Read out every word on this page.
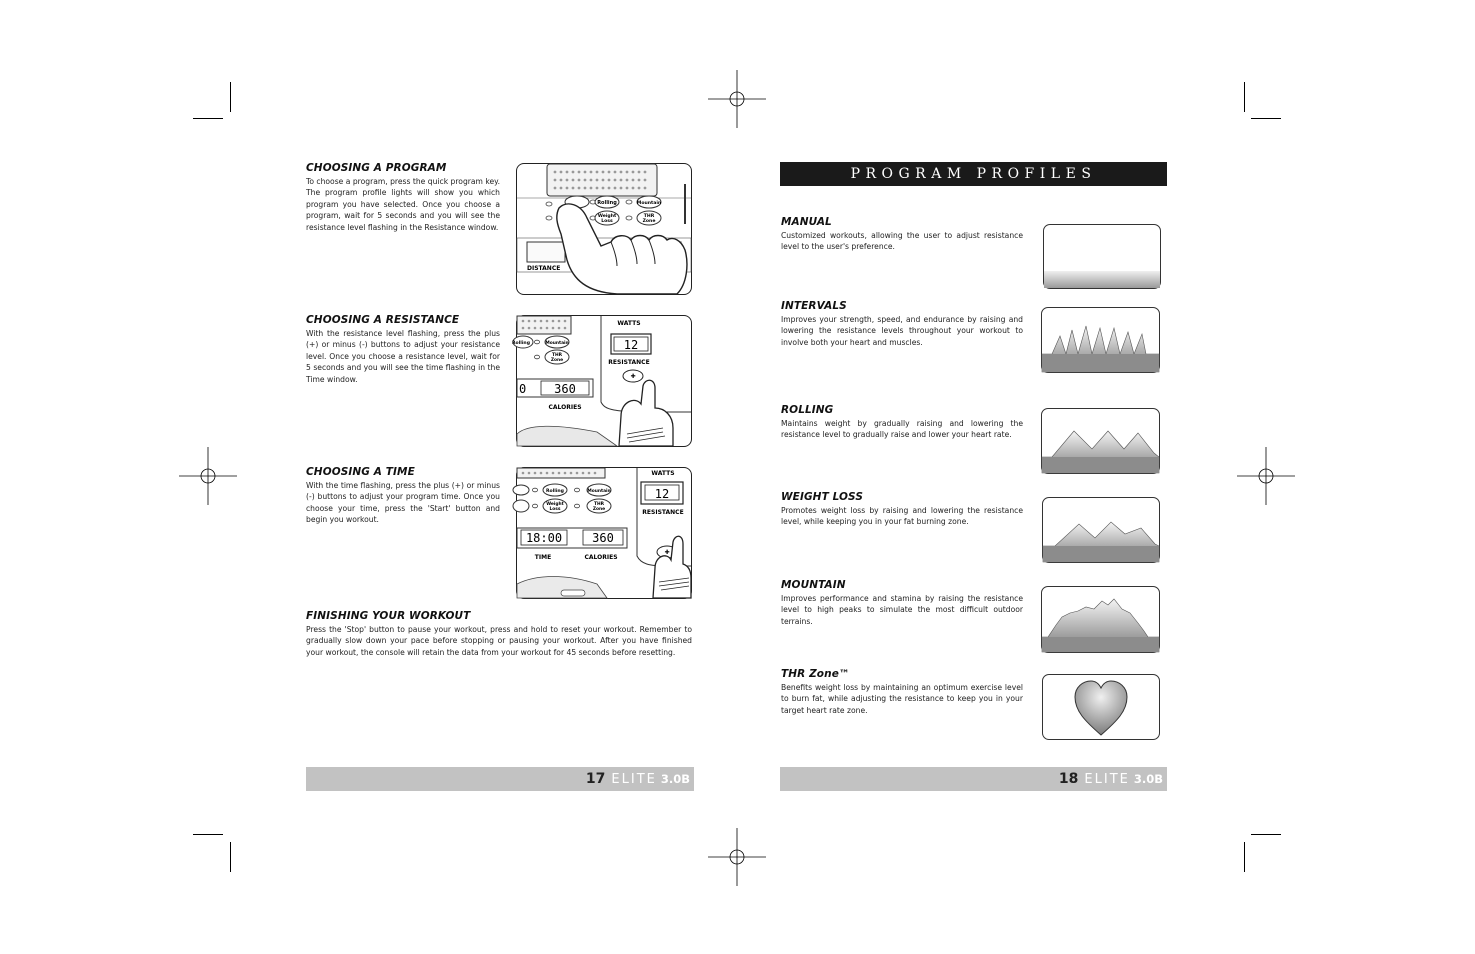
CHOOSING A PROGRAM

To choose a program, press the quick program key. The program profile lights will show you which program you have selected. Once you choose a program, wait for 5 seconds and you will see the resistance level flashing in the Resistance window.

Rolling	Mountain
Weight
Loss
THR
Zone
DISTANCE
CHOOSING A RESISTANCE

With the resistance level flashing, press the plus (+) or minus (-) buttons to adjust your resistance level. Once you choose a resistance level, wait for 5 seconds and you will see the time flashing in the Time window.

Rolling	Mountain
THR
Zone
WATTS
12
RESISTANCE
✚
0 360
CALORIES
CHOOSING A TIME

With the time flashing, press the plus (+) or minus (-) buttons to adjust your program time. Once you choose your time, press the 'Start' button and begin you workout.

Rolling	Mountain
Weight
Loss
THR
Zone
WATTS
12
RESISTANCE
✚
18:00	360
TIME	CALORIES
FINISHING YOUR WORKOUT

Press the 'Stop' button to pause your workout, press and hold to reset your workout. Remember to gradually slow down your pace before stopping or pausing your workout. After you have finished your workout, the console will retain the data from your workout for 45 seconds before resetting.

17 ELITE 3.0B
PROGRAM PROFILES
MANUAL

Customized workouts, allowing the user to adjust resistance level to the user's preference.

INTERVALS

Improves your strength, speed, and endurance by raising and lowering the resistance levels throughout your workout to involve both your heart and muscles.

ROLLING

Maintains weight by gradually raising and lowering the resistance level to gradually raise and lower your heart rate.

WEIGHT LOSS

Promotes weight loss by raising and lowering the resistance level, while keeping you in your fat burning zone.

MOUNTAIN

Improves performance and stamina by raising the resistance level to high peaks to simulate the most difficult outdoor terrains.

THR Zone™

Benefits weight loss by maintaining an optimum exercise level to burn fat, while adjusting the resistance to keep you in your target heart rate zone.

18 ELITE 3.0B
